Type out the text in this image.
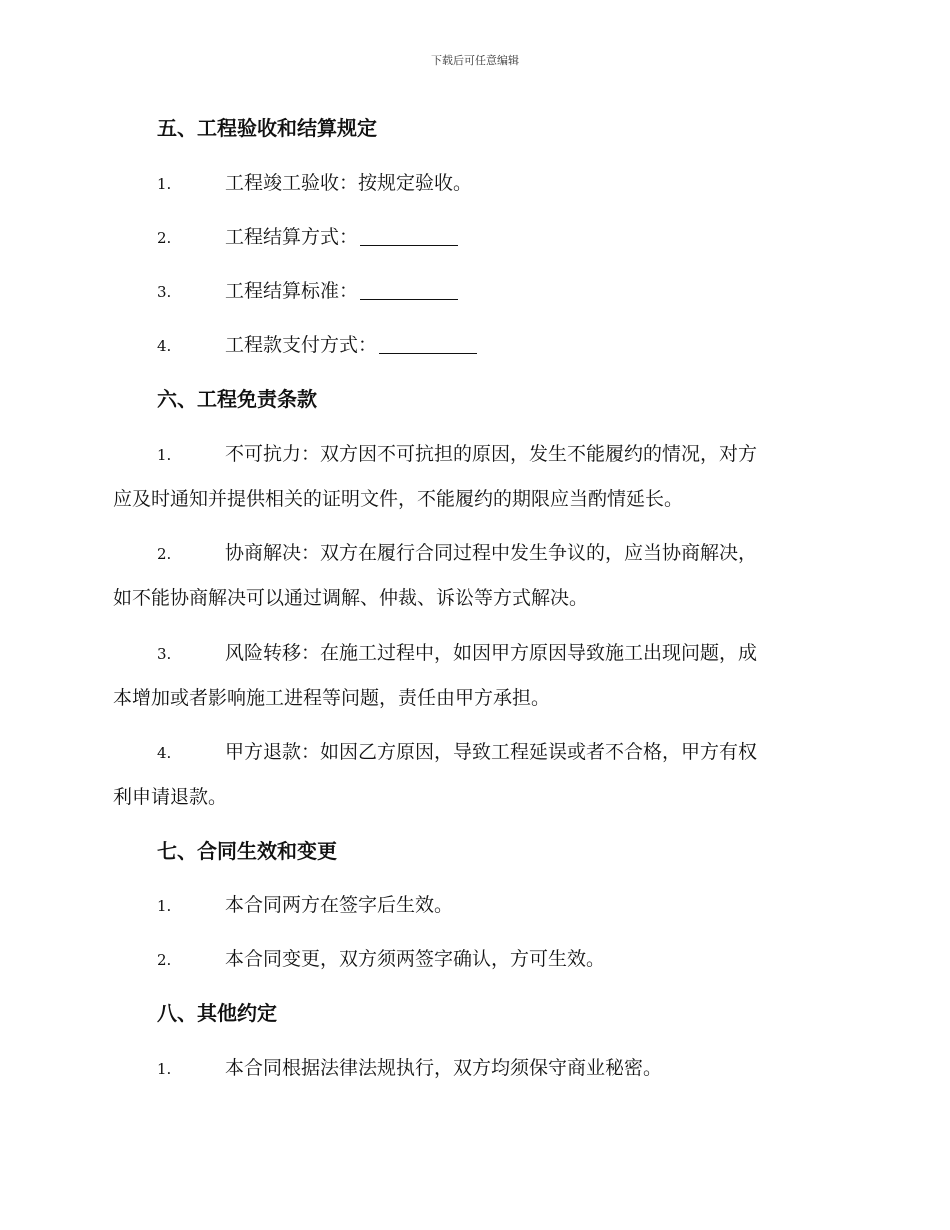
下载后可任意编辑
五、工程验收和结算规定
1.	工程竣工验收：按规定验收。
2.	工程结算方式：
3.	工程结算标准：
4.	工程款支付方式：
六、工程免责条款
1.	不可抗力：双方因不可抗担的原因，发生不能履约的情况，对方
应及时通知并提供相关的证明文件，不能履约的期限应当酌情延长。
2.	协商解决：双方在履行合同过程中发生争议的，应当协商解决，
如不能协商解决可以通过调解、仲裁、诉讼等方式解决。
3.	风险转移：在施工过程中，如因甲方原因导致施工出现问题，成
本增加或者影响施工进程等问题，责任由甲方承担。
4.	甲方退款：如因乙方原因，导致工程延误或者不合格，甲方有权
利申请退款。
七、合同生效和变更
1.	本合同两方在签字后生效。
2.	本合同变更，双方须两签字确认，方可生效。
八、其他约定
1.	本合同根据法律法规执行，双方均须保守商业秘密。
